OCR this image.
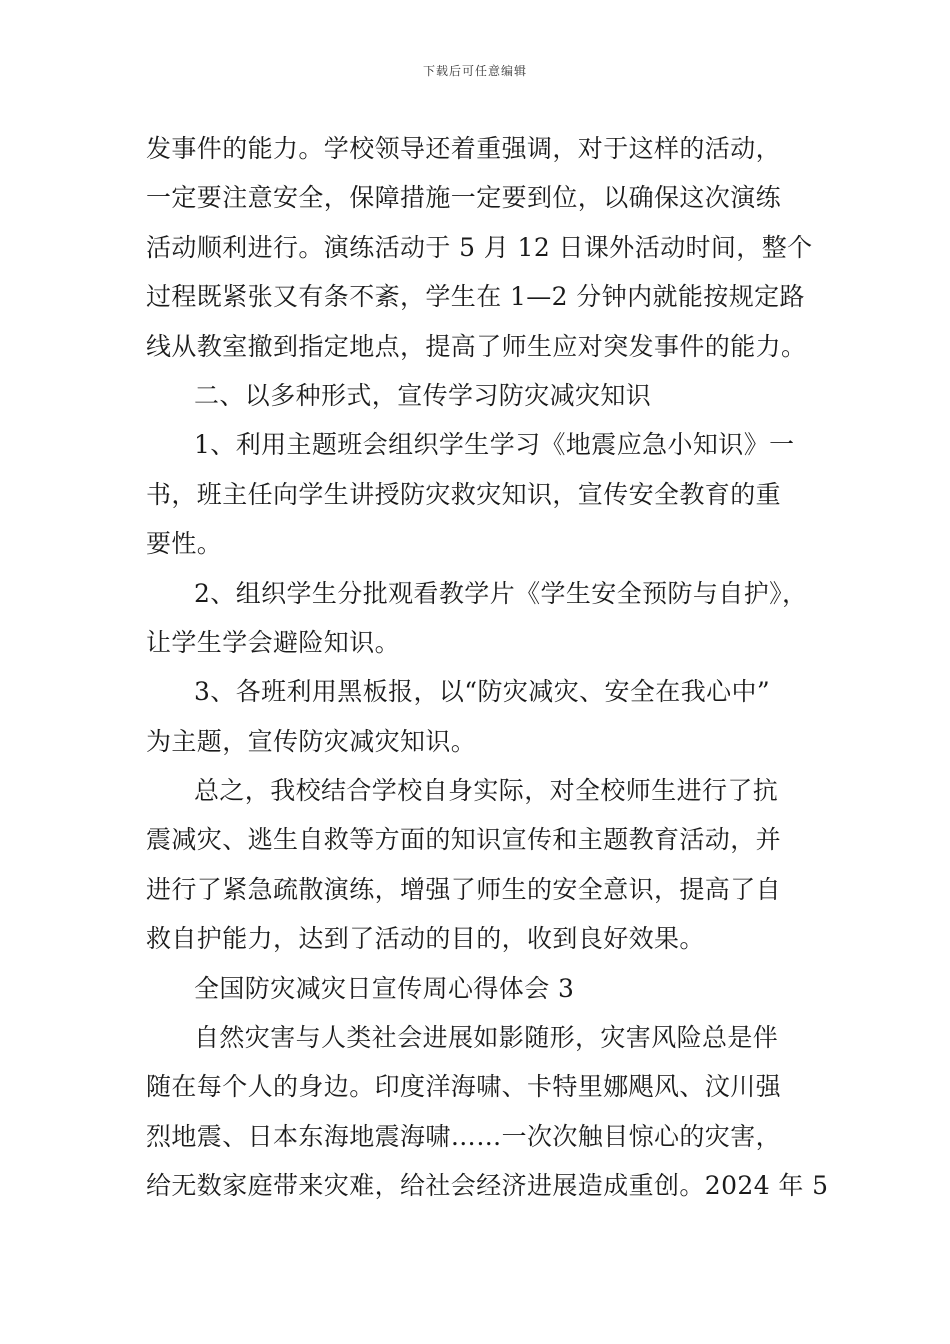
下载后可任意编辑
发事件的能力。学校领导还着重强调，对于这样的活动，
一定要注意安全，保障措施一定要到位，以确保这次演练
活动顺利进行。演练活动于 5 月 12 日课外活动时间，整个
过程既紧张又有条不紊，学生在 1—2 分钟内就能按规定路
线从教室撤到指定地点，提高了师生应对突发事件的能力。
二、以多种形式，宣传学习防灾减灾知识
1、利用主题班会组织学生学习《地震应急小知识》一
书，班主任向学生讲授防灾救灾知识，宣传安全教育的重
要性。
2、组织学生分批观看教学片《学生安全预防与自护》，
让学生学会避险知识。
3、各班利用黑板报，以“防灾减灾、安全在我心中”
为主题，宣传防灾减灾知识。
总之，我校结合学校自身实际，对全校师生进行了抗
震减灾、逃生自救等方面的知识宣传和主题教育活动，并
进行了紧急疏散演练，增强了师生的安全意识，提高了自
救自护能力，达到了活动的目的，收到良好效果。
全国防灾减灾日宣传周心得体会 3
自然灾害与人类社会进展如影随形，灾害风险总是伴
随在每个人的身边。印度洋海啸、卡特里娜飓风、汶川强
烈地震、日本东海地震海啸……一次次触目惊心的灾害，
给无数家庭带来灾难，给社会经济进展造成重创。2024 年 5
